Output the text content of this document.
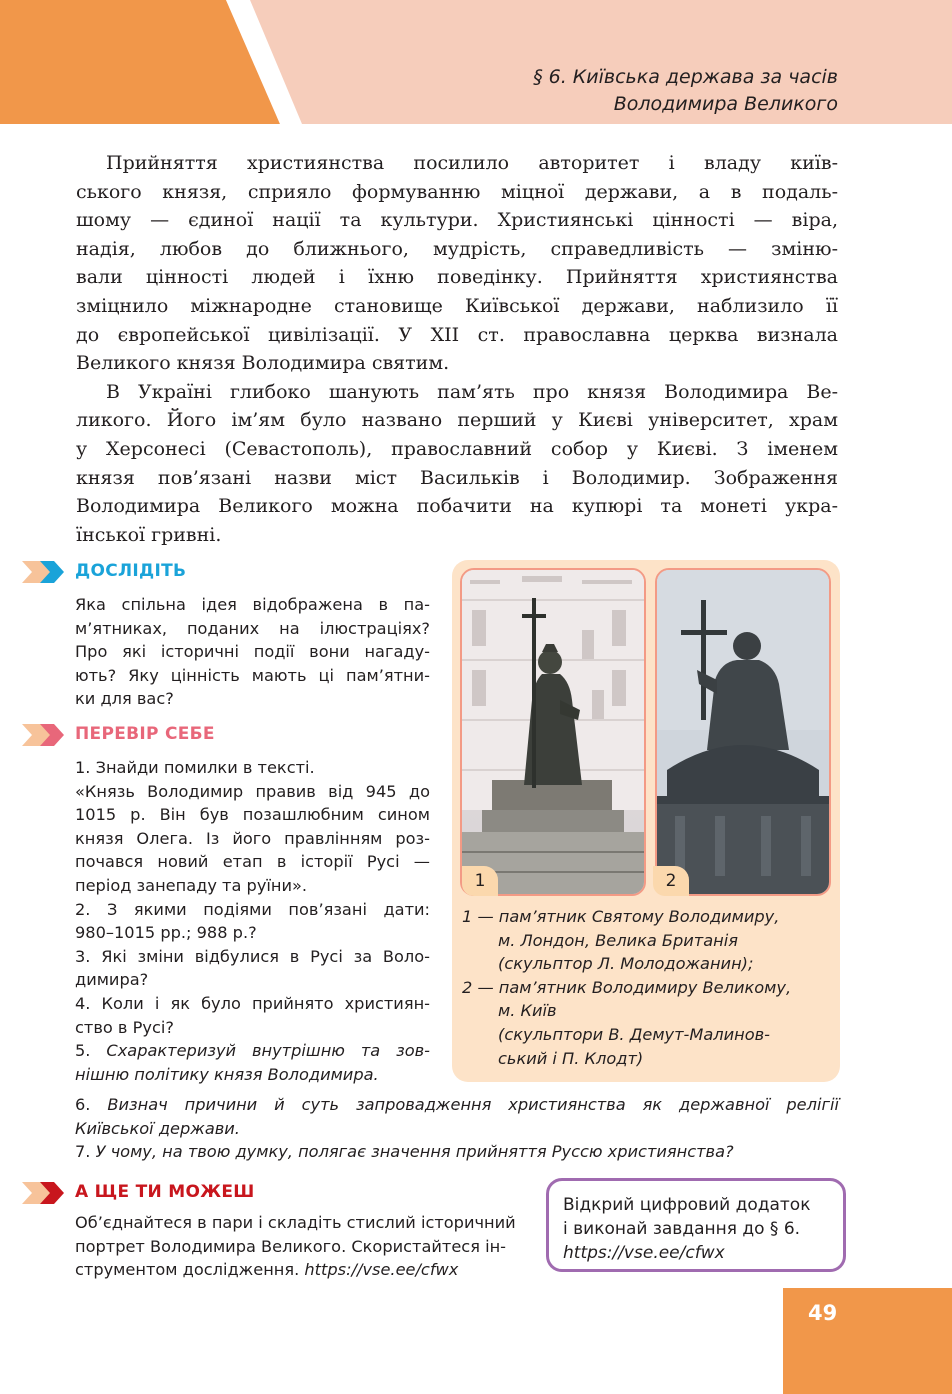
§ 6. Київська держава за часів
Володимира Великого
Прийняття християнства посилило авторитет і владу київ-
ського князя, сприяло формуванню міцної держави, а в подаль-
шому — єдиної нації та культури. Християнські цінності — віра,
надія, любов до ближнього, мудрість, справедливість — зміню-
вали цінності людей і їхню поведінку. Прийняття християнства
зміцнило міжнародне становище Київської держави, наблизило її
до європейської цивілізації. У XII ст. православна церква визнала
Великого князя Володимира святим.
В Україні глибоко шанують пам’ять про князя Володимира Ве-
ликого. Його ім’ям було названо перший у Києві університет, храм
у Херсонесі (Севастополь), православний собор у Києві. З іменем
князя пов’язані назви міст Васильків і Володимир. Зображення
Володимира Великого можна побачити на купюрі та монеті укра-
їнської гривні.
ДОСЛІДІТЬ
Яка спільна ідея відображена в па-
м’ятниках, поданих на ілюстраціях?
Про які історичні події вони нагаду-
ють? Яку цінність мають ці пам’ятни-
ки для вас?
ПЕРЕВІР СЕБЕ
1. Знайди помилки в тексті.
«Князь Володимир правив від 945 до
1015 р. Він був позашлюбним сином
князя Олега. Із його правлінням роз-
почався новий етап в історії Русі —
період занепаду та руїни».
2. З якими подіями пов’язані дати:
980–1015 рр.; 988 р.?
3. Які зміни відбулися в Русі за Воло-
димира?
4. Коли і як було прийнято християн-
ство в Русі?
5. Схарактеризуй внутрішню та зов-
нішню політику князя Володимира.
6. Визнач причини й суть запровадження християнства як державної релігії
Київської держави.
7. У чому, на твою думку, полягає значення прийняття Руссю християнства?
1	2
1 — пам’ятник Святому Володимиру,
м. Лондон, Велика Британія
(скульптор Л. Молодожанин);
2 — пам’ятник Володимиру Великому,
м. Київ
(скульптори В. Демут-Малинов-
ський і П. Клодт)
А ЩЕ ТИ МОЖЕШ
Об’єднайтеся в пари і складіть стислий історичний
портрет Володимира Великого. Скористайтеся ін-
струментом дослідження. https://vse.ee/cfwx
Відкрий цифровий додаток
і виконай завдання до § 6.
https://vse.ee/cfwx
49
